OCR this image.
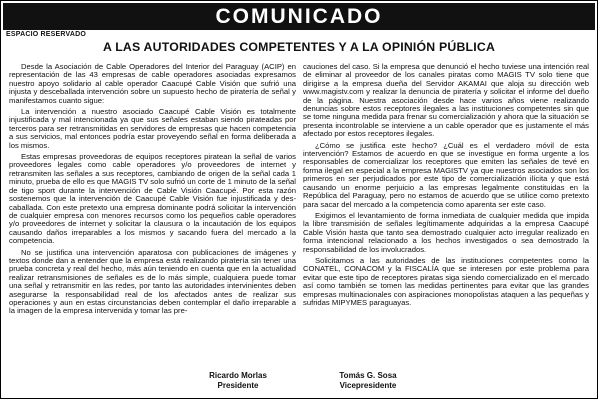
COMUNICADO
ESPACIO RESERVADO
A LAS AUTORIDADES COMPETENTES Y A LA OPINIÓN PÚBLICA

Desde la Asociación de Cable Operadores del Interior del Paraguay (ACIP) en representación de las 43 empresas de cable operadores asociadas expresamos nuestro apoyo solidario al cable operador Caacupé Cable Visión que sufrió una injusta y desceballada intervención sobre un supuesto hecho de piratería de señal y manifestamos cuanto sigue:

La intervención a nuestro asociado Caacupé Cable Visión es totalmente injustificada y mal intencionada ya que sus señales estaban siendo pirateadas por terceros para ser retransmitidas en servidores de empresas que hacen competencia a sus servicios, mal entonces podría estar proveyendo señal en forma deliberada a los mismos.

Estas empresas proveedoras de equipos receptores piratean la señal de varios proveedores legales como cable operadores y/o proveedores de internet y retransmiten las señales a sus receptores, cambiando de origen de la señal cada 1 minuto, prueba de ello es que MAGIS TV solo sufrió un corte de 1 minuto de la señal de tigo sport durante la intervención de Cable Visión Caacupé. Por esta razón sostenemos que la intervención de Caacupé Cable Visión fue injustificada y des-caballada. Con este pretexto una empresa dominante podrá solicitar la intervención de cualquier empresa con menores recursos como los pequeños cable operadores y/o proveedores de internet y solicitar la clausura o la incautación de los equipos causando daños irreparables a los mismos y sacando fuera del mercado a la competencia.

No se justifica una intervención aparatosa con publicaciones de imágenes y textos donde dan a entender que la empresa está realizando piratería sin tener una prueba concreta y real del hecho, más aún teniendo en cuenta que en la actualidad realizar retransmisiones de señales es de lo más simple, cualquiera puede tomar una señal y retransmitir en las redes, por tanto las autoridades intervinientes deben asegurarse la responsabilidad real de los afectados antes de realizar sus operaciones y aun en estas circunstancias deben contemplar el daño irreparable a la imagen de la empresa intervenida y tomar las pre-

cauciones del caso. Si la empresa que denunció el hecho tuviese una intención real de eliminar al proveedor de los canales piratas como MAGIS TV solo tiene que dirigirse a la empresa dueña del Servidor AKAMAI que aloja su dirección web www.magistv.com y realizar la denuncia de piratería y solicitar el informe del dueño de la página. Nuestra asociación desde hace varios años viene realizando denuncias sobre estos receptores ilegales a las instituciones competentes sin que se tome ninguna medida para frenar su comercialización y ahora que la situación se presenta incontrolable se interviene a un cable operador que es justamente el más afectado por estos receptores ilegales.

¿Cómo se justifica este hecho? ¿Cuál es el verdadero móvil de esta intervención? Estamos de acuerdo en que se investigue en forma urgente a los responsables de comercializar los receptores que emiten las señales de tevé en forma ilegal en especial a la empresa MAGISTV ya que nuestros asociados son los primeros en ser perjudicados por este tipo de comercialización ilícita y que está causando un enorme perjuicio a las empresas legalmente constituidas en la República del Paraguay, pero no estamos de acuerdo que se utilice como pretexto para sacar del mercado a la competencia como aparenta ser este caso.

Exigimos el levantamiento de forma inmediata de cualquier medida que impida la libre transmisión de señales legítimamente adquiridas a la empresa Caacupé Cable Visión hasta que tanto sea demostrado cualquier acto irregular realizado en forma intencional relacionado a los hechos investigados o sea demostrado la responsabilidad de los involucrados.

Solicitamos a las autoridades de las instituciones competentes como la CONATEL, CONACOM y la FISCALÍA que se interesen por este problema para evitar que este tipo de receptores piratas siga siendo comercializado en el mercado así como también se tomen las medidas pertinentes para evitar que las grandes empresas multinacionales con aspiraciones monopolistas ataquen a las pequeñas y sufridas MIPYMES paraguayas.

Ricardo Morlas
Presidente
Tomás G. Sosa
Vicepresidente
